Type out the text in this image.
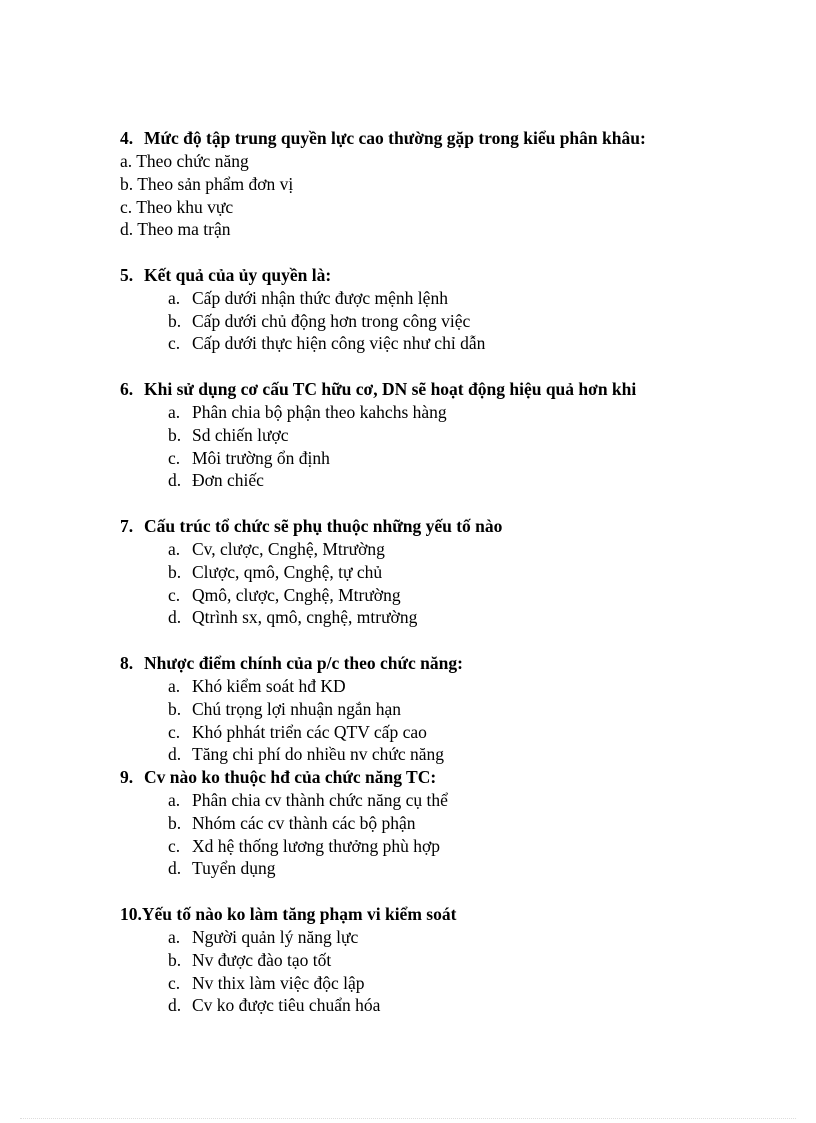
4. Mức độ tập trung quyền lực cao thường gặp trong kiểu phân khâu:
a. Theo chức năng
b. Theo sản phẩm đơn vị
c. Theo khu vực
d. Theo ma trận
5. Kết quả của ủy quyền là:
a. Cấp dưới nhận thức được mệnh lệnh
b. Cấp dưới chủ động hơn trong công việc
c. Cấp dưới thực hiện công việc như chỉ dẫn
6. Khi sử dụng cơ cấu TC hữu cơ, DN sẽ hoạt động hiệu quả hơn khi
a. Phân chia bộ phận theo kahchs hàng
b. Sd chiến lược
c. Môi trường ổn định
d. Đơn chiếc
7. Cấu trúc tổ chức sẽ phụ thuộc những yếu tố nào
a. Cv, clược, Cnghệ, Mtrường
b. Clược, qmô, Cnghệ, tự chủ
c. Qmô, clược, Cnghệ, Mtrường
d. Qtrình sx, qmô, cnghệ, mtrường
8. Nhược điểm chính của p/c theo chức năng:
a. Khó kiểm soát hđ KD
b. Chú trọng lợi nhuận ngắn hạn
c. Khó phhát triển các QTV cấp cao
d. Tăng chi phí do nhiều nv chức năng
9. Cv nào ko thuộc hđ của chức năng TC:
a. Phân chia cv thành chức năng cụ thể
b. Nhóm các cv thành các bộ phận
c. Xd hệ thống lương thưởng phù hợp
d. Tuyển dụng
10.Yếu tố nào ko làm tăng phạm vi kiểm soát
a. Người quản lý năng lực
b. Nv được đào tạo tốt
c. Nv thix làm việc độc lập
d. Cv ko được tiêu chuẩn hóa
